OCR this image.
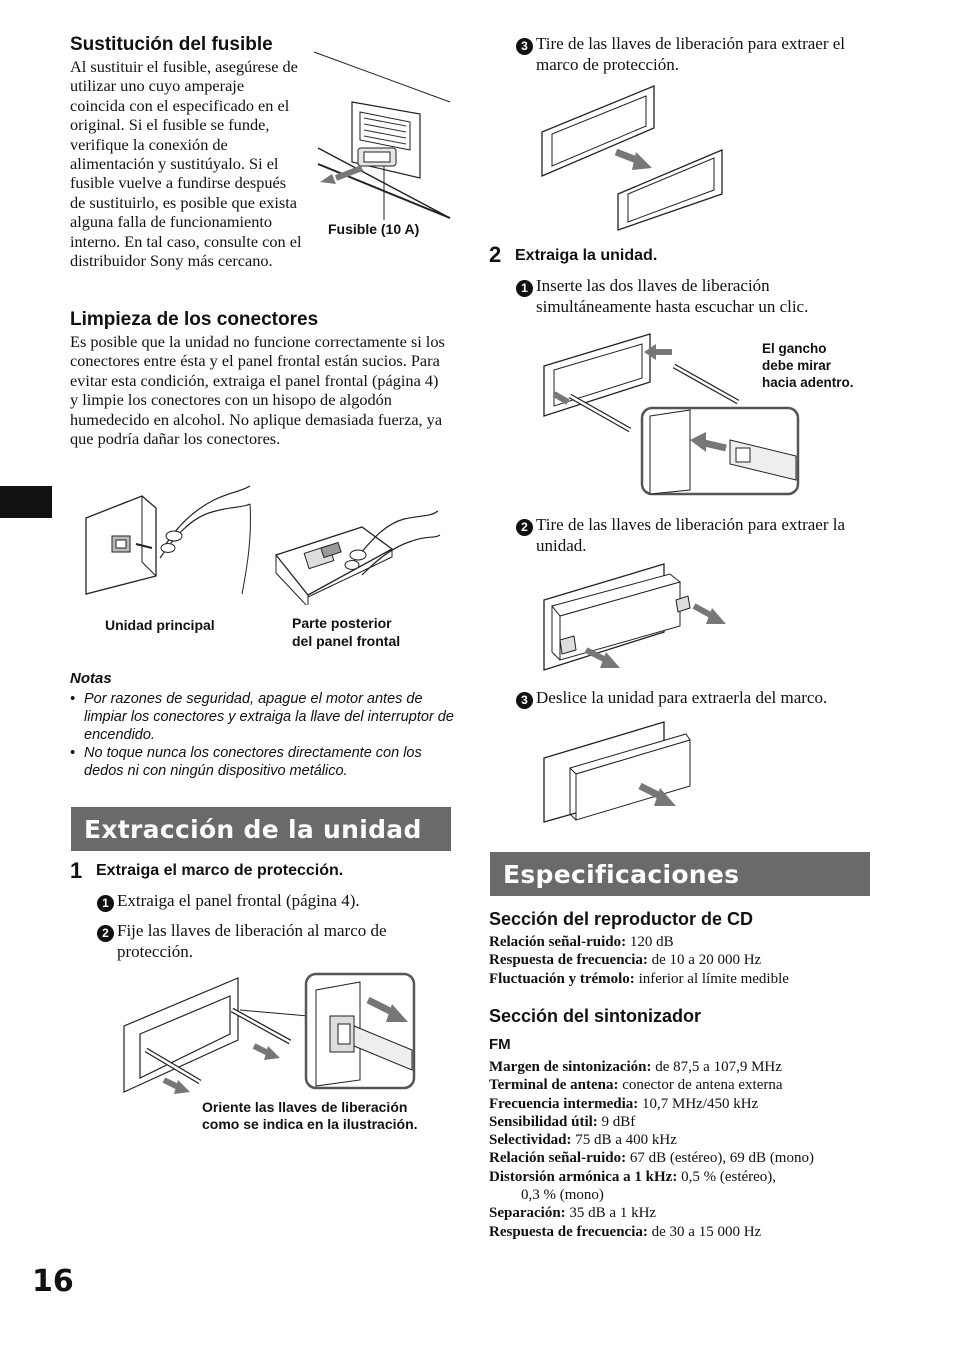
Sustitución del fusible
Al sustituir el fusible, asegúrese de utilizar uno cuyo amperaje coincida con el especificado en el original. Si el fusible se funde, verifique la conexión de alimentación y sustitúyalo. Si el fusible vuelve a fundirse después de sustituirlo, es posible que exista alguna falla de funcionamiento interno. En tal caso, consulte con el distribuidor Sony más cercano.
Fusible (10 A)
Limpieza de los conectores
Es posible que la unidad no funcione correctamente si los conectores entre ésta y el panel frontal están sucios. Para evitar esta condición, extraiga el panel frontal (página 4) y limpie los conectores con un hisopo de algodón humedecido en alcohol. No aplique demasiada fuerza, ya que podría dañar los conectores.
Unidad principal	Parte posterior
del panel frontal
Notas
• Por razones de seguridad, apague el motor antes de limpiar los conectores y extraiga la llave del interruptor de encendido.
• No toque nunca los conectores directamente con los dedos ni con ningún dispositivo metálico.
Extracción de la unidad
1 Extraiga el marco de protección.
1 Extraiga el panel frontal (página 4).
2 Fije las llaves de liberación al marco de protección.
Oriente las llaves de liberación
como se indica en la ilustración.
16
3 Tire de las llaves de liberación para extraer el marco de protección.
2 Extraiga la unidad.
1 Inserte las dos llaves de liberación simultáneamente hasta escuchar un clic.
El gancho
debe mirar
hacia adentro.
2 Tire de las llaves de liberación para extraer la unidad.
3 Deslice la unidad para extraerla del marco.
Especificaciones
Sección del reproductor de CD
Relación señal-ruido: 120 dB
Respuesta de frecuencia: de 10 a 20 000 Hz
Fluctuación y trémolo: inferior al límite medible
Sección del sintonizador
FM
Margen de sintonización: de 87,5 a 107,9 MHz
Terminal de antena: conector de antena externa
Frecuencia intermedia: 10,7 MHz/450 kHz
Sensibilidad útil: 9 dBf
Selectividad: 75 dB a 400 kHz
Relación señal-ruido: 67 dB (estéreo), 69 dB (mono)
Distorsión armónica a 1 kHz: 0,5 % (estéreo),
0,3 % (mono)
Separación: 35 dB a 1 kHz
Respuesta de frecuencia: de 30 a 15 000 Hz
